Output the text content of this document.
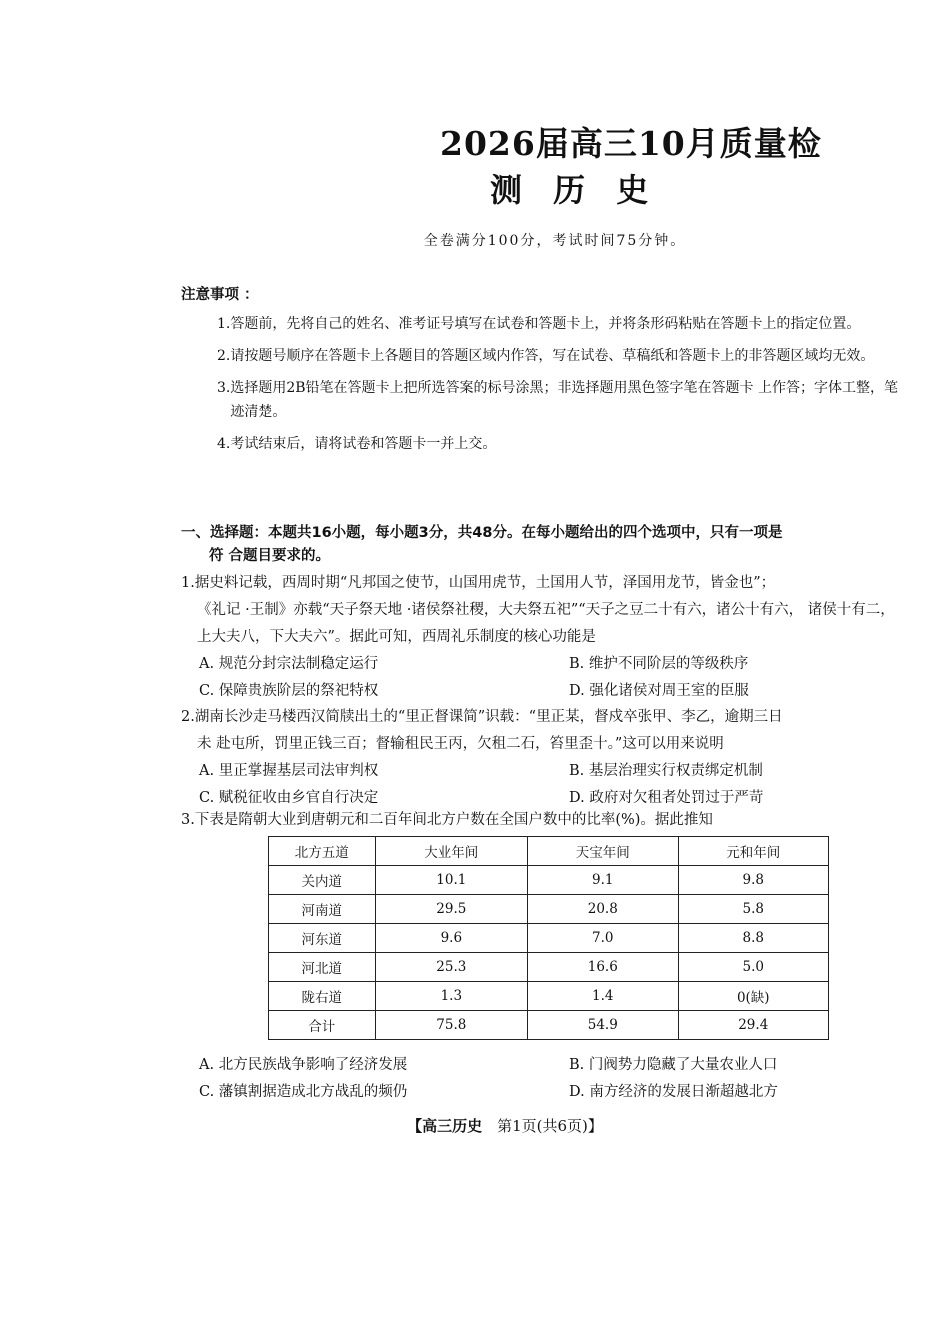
2026届高三10月质量检
测 历 史
全卷满分100分，考试时间75分钟。
注意事项 ：
1. 答题前，先将自己的姓名、准考证号填写在试卷和答题卡上，并将条形码粘贴在答题卡上的指定位置。
2. 请按题号顺序在答题卡上各题目的答题区域内作答，写在试卷、草稿纸和答题卡上的非答题区域均无效。
3. 选择题用2B铅笔在答题卡上把所选答案的标号涂黑；非选择题用黑色签字笔在答题卡 上作答；字体工整，笔迹清楚。
4. 考试结束后，请将试卷和答题卡一并上交。
一、选择题：本题共16小题，每小题3分，共48分。在每小题给出的四个选项中，只有一项是
符 合题目要求的。
1.据史料记载，西周时期“凡邦国之使节，山国用虎节，土国用人节，泽国用龙节，皆金也”；
《礼记 ·王制》亦载“天子祭天地 ·诸侯祭社稷，大夫祭五祀”“天子之豆二十有六，诸公十有六， 诸侯十有二，上大夫八，下大夫六”。据此可知，西周礼乐制度的核心功能是
A. 规范分封宗法制稳定运行	B. 维护不同阶层的等级秩序
C. 保障贵族阶层的祭祀特权	D. 强化诸侯对周王室的臣服
2.湖南长沙走马楼西汉简牍出土的“里正督课简”识载：“里正某，督戍卒张甲、李乙，逾期三日
未 赴屯所，罚里正钱三百；督输租民王丙，欠租二石，笞里歪十。”这可以用来说明
A. 里正掌握基层司法审判权	B. 基层治理实行权责绑定机制
C. 赋税征收由乡官自行决定	D. 政府对欠租者处罚过于严苛
3.下表是隋朝大业到唐朝元和二百年间北方户数在全国户数中的比率(%)。据此推知
北方五道	大业年间	天宝年间	元和年间
关内道	10.1	9.1	9.8
河南道	29.5	20.8	5.8
河东道	9.6	7.0	8.8
河北道	25.3	16.6	5.0
陇右道	1.3	1.4	0(缺)
合计	75.8	54.9	29.4
A. 北方民族战争影响了经济发展	B. 门阀势力隐藏了大量农业人口
C. 藩镇割据造成北方战乱的频仍	D. 南方经济的发展日渐超越北方
【高三历史　第1页(共6页)】
